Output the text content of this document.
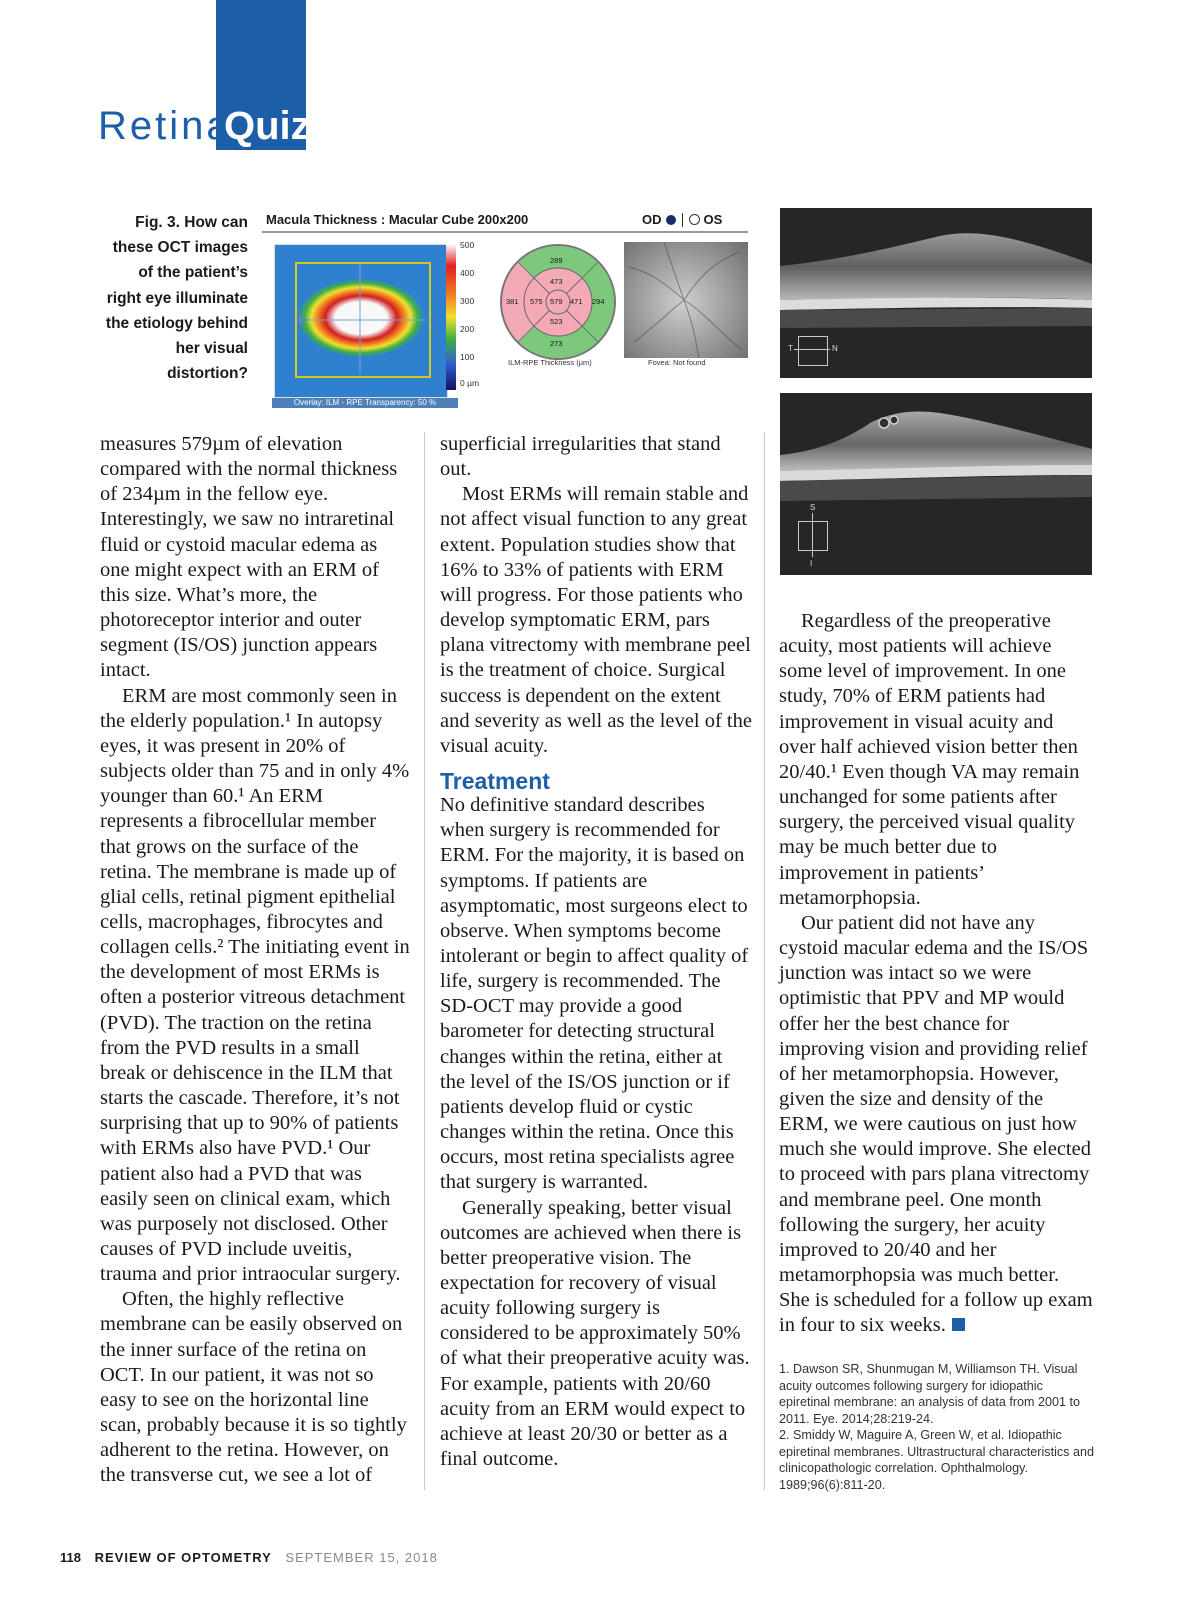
Retina
Quiz
Fig. 3. How can these OCT images of the patient’s right eye illuminate the etiology behind her visual distortion?
Macula Thickness : Macular Cube 200x200	OD	OS
500
400
300
200
100
0 µm
Overlay: ILM - RPE Transparency: 50 %
289
473
381 575 579 471 294
523
273
ILM-RPE Thickness (µm)	Fovea: Not found
T	N
S
I

measures 579µm of elevation compared with the normal thickness of 234µm in the fellow eye. Interestingly, we saw no intraretinal fluid or cystoid macular edema as one might expect with an ERM of this size. What’s more, the photoreceptor interior and outer segment (IS/OS) junction appears intact.

ERM are most commonly seen in the elderly population.¹ In autopsy eyes, it was present in 20% of subjects older than 75 and in only 4% younger than 60.¹ An ERM represents a fibrocellular member that grows on the surface of the retina. The membrane is made up of glial cells, retinal pigment epithelial cells, macrophages, fibrocytes and collagen cells.² The initiating event in the development of most ERMs is often a posterior vitreous detachment (PVD). The traction on the retina from the PVD results in a small break or dehiscence in the ILM that starts the cascade. Therefore, it’s not surprising that up to 90% of patients with ERMs also have PVD.¹ Our patient also had a PVD that was easily seen on clinical exam, which was purposely not disclosed. Other causes of PVD include uveitis, trauma and prior intraocular surgery.

Often, the highly reflective membrane can be easily observed on the inner surface of the retina on OCT. In our patient, it was not so easy to see on the horizontal line scan, probably because it is so tightly adherent to the retina. However, on the transverse cut, we see a lot of

superficial irregularities that stand out.

Most ERMs will remain stable and not affect visual function to any great extent. Population studies show that 16% to 33% of patients with ERM will progress. For those patients who develop symptomatic ERM, pars plana vitrectomy with membrane peel is the treatment of choice. Surgical success is dependent on the extent and severity as well as the level of the visual acuity.

Treatment

No definitive standard describes when surgery is recommended for ERM. For the majority, it is based on symptoms. If patients are asymptomatic, most surgeons elect to observe. When symptoms become intolerant or begin to affect quality of life, surgery is recommended. The SD-OCT may provide a good barometer for detecting structural changes within the retina, either at the level of the IS/OS junction or if patients develop fluid or cystic changes within the retina. Once this occurs, most retina specialists agree that surgery is warranted.

Generally speaking, better visual outcomes are achieved when there is better preoperative vision. The expectation for recovery of visual acuity following surgery is considered to be approximately 50% of what their preoperative acuity was. For example, patients with 20/60 acuity from an ERM would expect to achieve at least 20/30 or better as a final outcome.

Regardless of the preoperative acuity, most patients will achieve some level of improvement. In one study, 70% of ERM patients had improvement in visual acuity and over half achieved vision better then 20/40.¹ Even though VA may remain unchanged for some patients after surgery, the perceived visual quality may be much better due to improvement in patients’ metamorphopsia.

Our patient did not have any cystoid macular edema and the IS/OS junction was intact so we were optimistic that PPV and MP would offer her the best chance for improving vision and providing relief of her metamorphopsia. However, given the size and density of the ERM, we were cautious on just how much she would improve. She elected to proceed with pars plana vitrectomy and membrane peel. One month following the surgery, her acuity improved to 20/40 and her metamorphopsia was much better. She is scheduled for a follow up exam in four to six weeks.

1. Dawson SR, Shunmugan M, Williamson TH. Visual acuity outcomes following surgery for idiopathic epiretinal membrane: an analysis of data from 2001 to 2011. Eye. 2014;28:219-24.

2. Smiddy W, Maguire A, Green W, et al. Idiopathic epiretinal membranes. Ultrastructural characteristics and clinicopathologic correlation. Ophthalmology. 1989;96(6):811-20.

118 REVIEW OF OPTOMETRY SEPTEMBER 15, 2018
